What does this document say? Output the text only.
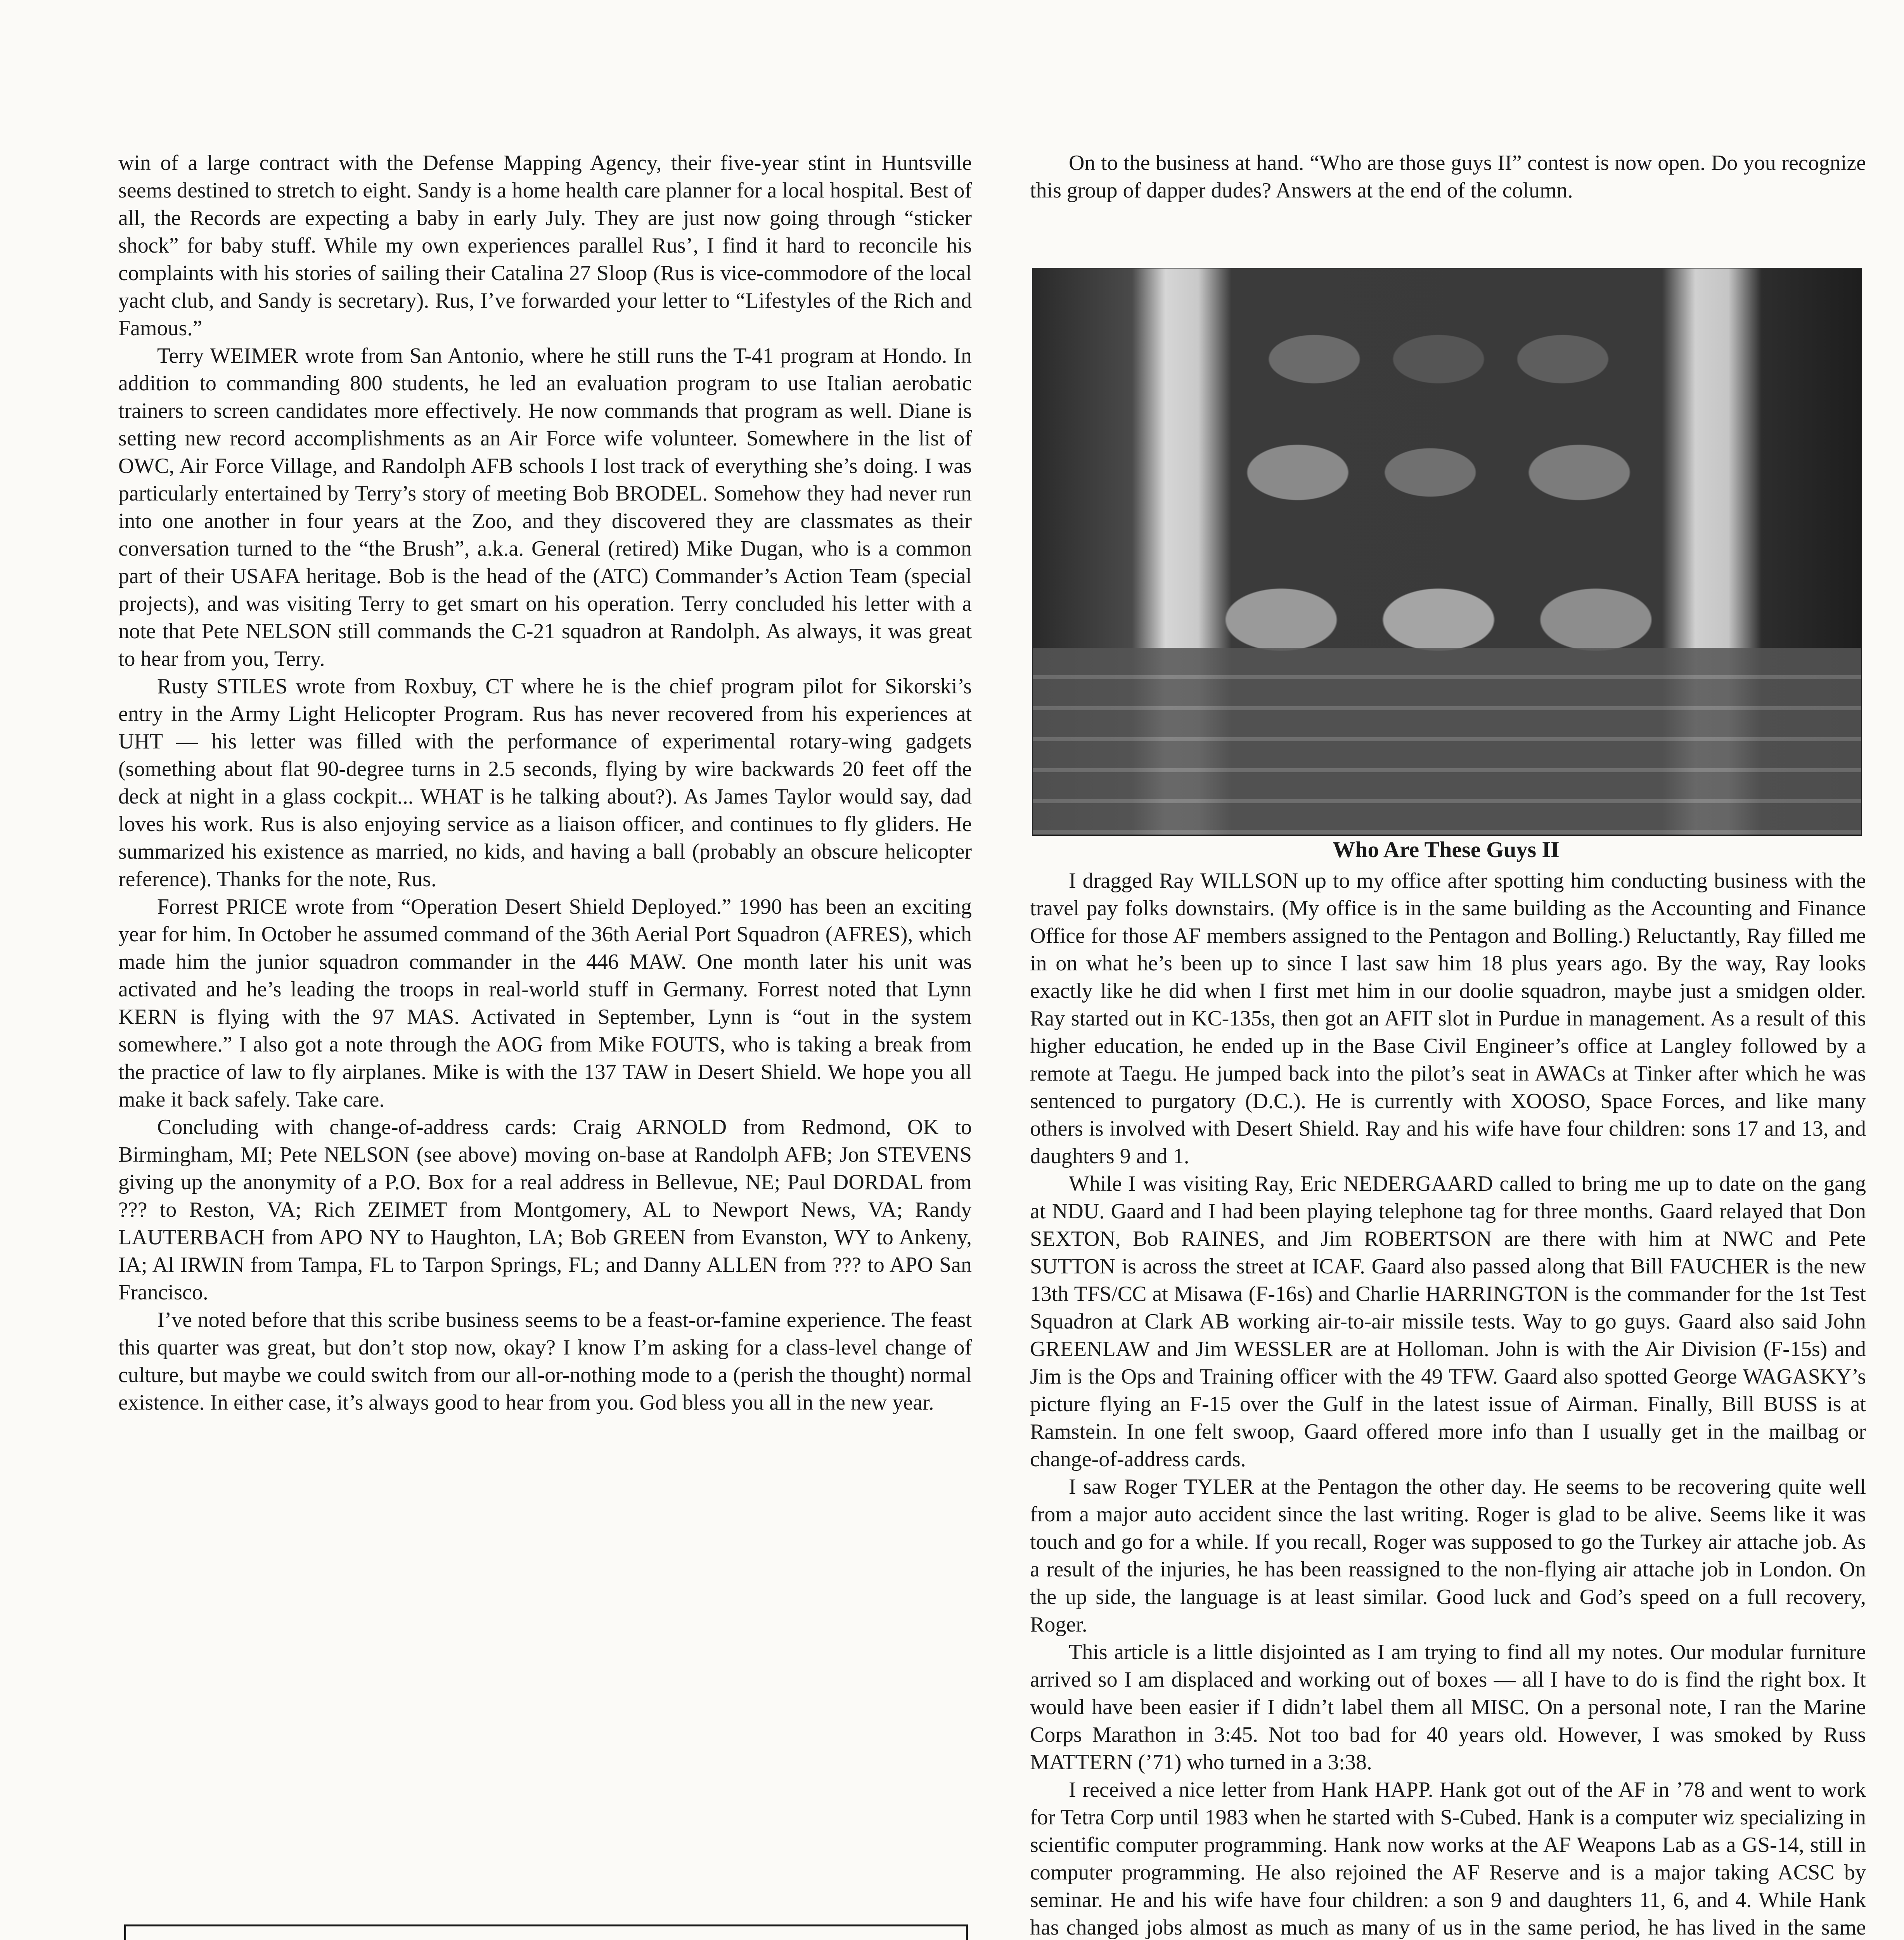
win of a large contract with the Defense Mapping Agency, their five-year stint in Huntsville seems destined to stretch to eight. Sandy is a home health care planner for a local hospital. Best of all, the Records are expecting a baby in early July. They are just now going through “sticker shock” for baby stuff. While my own experiences parallel Rus’, I find it hard to reconcile his complaints with his stories of sailing their Catalina 27 Sloop (Rus is vice-commodore of the local yacht club, and Sandy is secretary). Rus, I’ve forwarded your letter to “Lifestyles of the Rich and Famous.”

Terry WEIMER wrote from San Antonio, where he still runs the T-41 program at Hondo. In addition to commanding 800 students, he led an evaluation program to use Italian aerobatic trainers to screen candidates more effectively. He now commands that program as well. Diane is setting new record accomplishments as an Air Force wife volunteer. Somewhere in the list of OWC, Air Force Village, and Randolph AFB schools I lost track of everything she’s doing. I was particularly entertained by Terry’s story of meeting Bob BRODEL. Somehow they had never run into one another in four years at the Zoo, and they discovered they are classmates as their conversation turned to the “the Brush”, a.k.a. General (retired) Mike Dugan, who is a common part of their USAFA heritage. Bob is the head of the (ATC) Commander’s Action Team (special projects), and was visiting Terry to get smart on his operation. Terry concluded his letter with a note that Pete NELSON still commands the C-21 squadron at Randolph. As always, it was great to hear from you, Terry.

Rusty STILES wrote from Roxbuy, CT where he is the chief program pilot for Sikorski’s entry in the Army Light Helicopter Program. Rus has never recovered from his experiences at UHT — his letter was filled with the performance of experimental rotary-wing gadgets (something about flat 90-degree turns in 2.5 seconds, flying by wire backwards 20 feet off the deck at night in a glass cockpit... WHAT is he talking about?). As James Taylor would say, dad loves his work. Rus is also enjoying service as a liaison officer, and continues to fly gliders. He summarized his existence as married, no kids, and having a ball (probably an obscure helicopter reference). Thanks for the note, Rus.

Forrest PRICE wrote from “Operation Desert Shield Deployed.” 1990 has been an exciting year for him. In October he assumed command of the 36th Aerial Port Squadron (AFRES), which made him the junior squadron commander in the 446 MAW. One month later his unit was activated and he’s leading the troops in real-world stuff in Germany. Forrest noted that Lynn KERN is flying with the 97 MAS. Activated in September, Lynn is “out in the system somewhere.” I also got a note through the AOG from Mike FOUTS, who is taking a break from the practice of law to fly airplanes. Mike is with the 137 TAW in Desert Shield. We hope you all make it back safely. Take care.

Concluding with change-of-address cards: Craig ARNOLD from Redmond, OK to Birmingham, MI; Pete NELSON (see above) moving on-base at Randolph AFB; Jon STEVENS giving up the anonymity of a P.O. Box for a real address in Bellevue, NE; Paul DORDAL from ??? to Reston, VA; Rich ZEIMET from Montgomery, AL to Newport News, VA; Randy LAUTERBACH from APO NY to Haughton, LA; Bob GREEN from Evanston, WY to Ankeny, IA; Al IRWIN from Tampa, FL to Tarpon Springs, FL; and Danny ALLEN from ??? to APO San Francisco.

I’ve noted before that this scribe business seems to be a feast-or-famine experience. The feast this quarter was great, but don’t stop now, okay? I know I’m asking for a class-level change of culture, but maybe we could switch from our all-or-nothing mode to a (perish the thought) normal existence. In either case, it’s always good to hear from you. God bless you all in the new year.

On to the business at hand. “Who are those guys II” contest is now open. Do you recognize this group of dapper dudes? Answers at the end of the column.

Who Are These Guys II

I dragged Ray WILLSON up to my office after spotting him conducting business with the travel pay folks downstairs. (My office is in the same building as the Accounting and Finance Office for those AF members assigned to the Pentagon and Bolling.) Reluctantly, Ray filled me in on what he’s been up to since I last saw him 18 plus years ago. By the way, Ray looks exactly like he did when I first met him in our doolie squadron, maybe just a smidgen older. Ray started out in KC-135s, then got an AFIT slot in Purdue in management. As a result of this higher education, he ended up in the Base Civil Engineer’s office at Langley followed by a remote at Taegu. He jumped back into the pilot’s seat in AWACs at Tinker after which he was sentenced to purgatory (D.C.). He is currently with XOOSO, Space Forces, and like many others is involved with Desert Shield. Ray and his wife have four children: sons 17 and 13, and daughters 9 and 1.

While I was visiting Ray, Eric NEDERGAARD called to bring me up to date on the gang at NDU. Gaard and I had been playing telephone tag for three months. Gaard relayed that Don SEXTON, Bob RAINES, and Jim ROBERTSON are there with him at NWC and Pete SUTTON is across the street at ICAF. Gaard also passed along that Bill FAUCHER is the new 13th TFS/CC at Misawa (F-16s) and Charlie HARRINGTON is the commander for the 1st Test Squadron at Clark AB working air-to-air missile tests. Way to go guys. Gaard also said John GREENLAW and Jim WESSLER are at Holloman. John is with the Air Division (F-15s) and Jim is the Ops and Training officer with the 49 TFW. Gaard also spotted George WAGASKY’s picture flying an F-15 over the Gulf in the latest issue of Airman. Finally, Bill BUSS is at Ramstein. In one felt swoop, Gaard offered more info than I usually get in the mailbag or change-of-address cards.

I saw Roger TYLER at the Pentagon the other day. He seems to be recovering quite well from a major auto accident since the last writing. Roger is glad to be alive. Seems like it was touch and go for a while. If you recall, Roger was supposed to go the Turkey air attache job. As a result of the injuries, he has been reassigned to the non-flying air attache job in London. On the up side, the language is at least similar. Good luck and God’s speed on a full recovery, Roger.

This article is a little disjointed as I am trying to find all my notes. Our modular furniture arrived so I am displaced and working out of boxes — all I have to do is find the right box. It would have been easier if I didn’t label them all MISC. On a personal note, I ran the Marine Corps Marathon in 3:45. Not too bad for 40 years old. However, I was smoked by Russ MATTERN (’71) who turned in a 3:38.

I received a nice letter from Hank HAPP. Hank got out of the AF in ’78 and went to work for Tetra Corp until 1983 when he started with S-Cubed. Hank is a computer wiz specializing in scientific computer programming. Hank now works at the AF Weapons Lab as a GS-14, still in computer programming. He also rejoined the AF Reserve and is a major taking ACSC by seminar. He and his wife have four children: a son 9 and daughters 11, 6, and 4. While Hank has changed jobs almost as much as many of us in the same period, he has lived in the same
